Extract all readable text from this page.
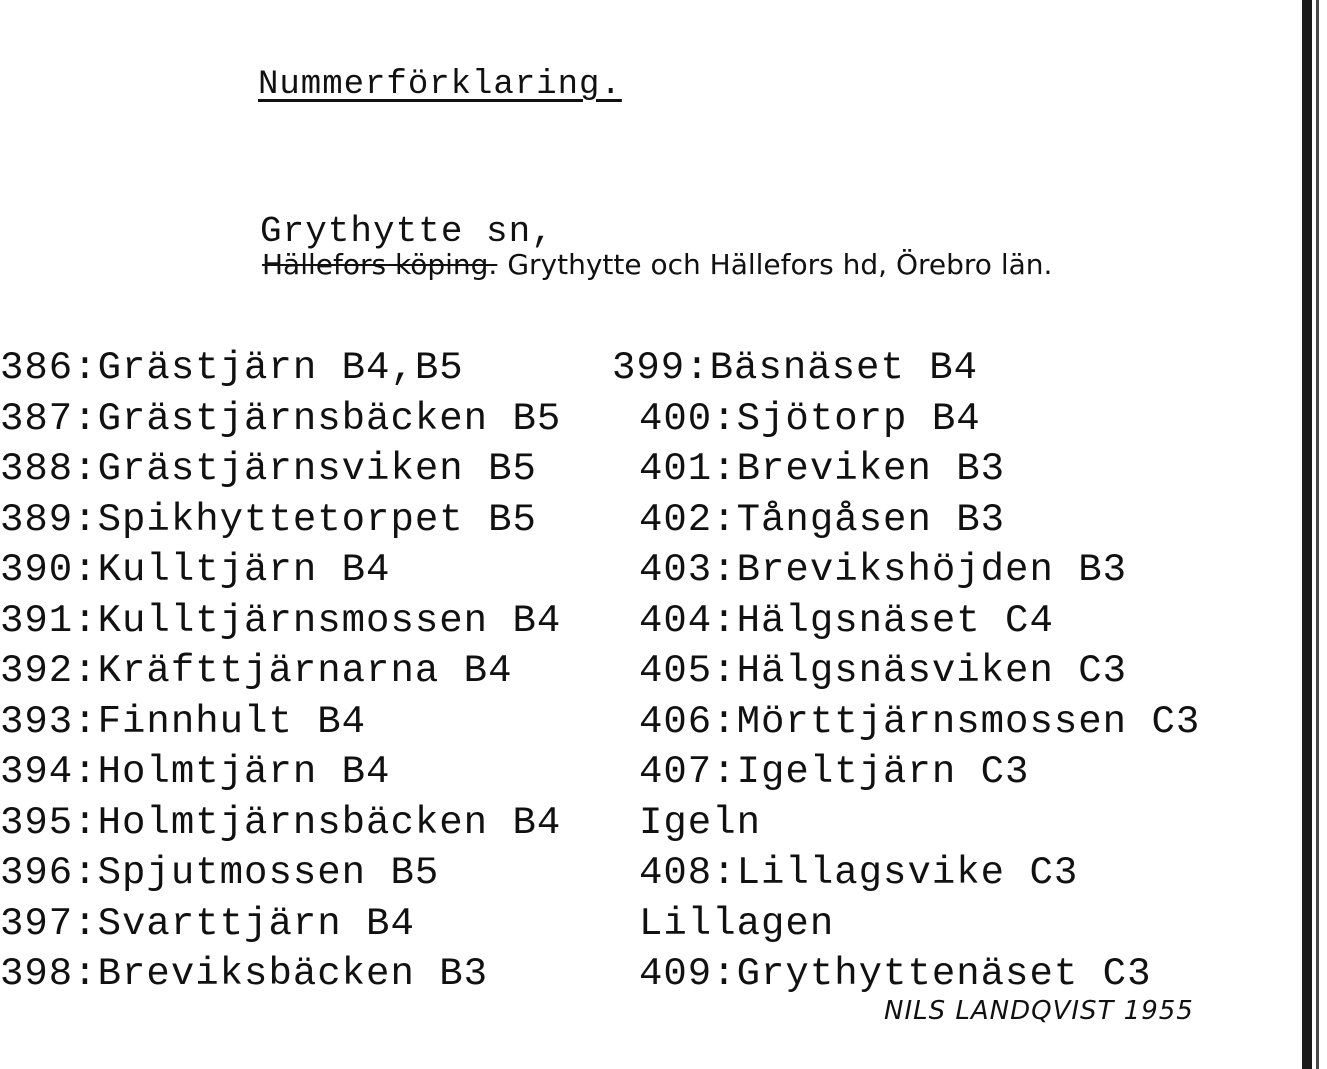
Nummerförklaring.
Grythytte sn,
Hällefors köping. Grythytte och Hällefors hd, Örebro län.
386:Grästjärn B4,B5
387:Grästjärnsbäcken B5
388:Grästjärnsviken B5
389:Spikhyttetorpet B5
390:Kulltjärn B4
391:Kulltjärnsmossen B4
392:Kräfttjärnarna B4
393:Finnhult B4
394:Holmtjärn B4
395:Holmtjärnsbäcken B4
396:Spjutmossen B5
397:Svarttjärn B4
398:Breviksbäcken B3
399:Bäsnäset B4
400:Sjötorp B4
401:Breviken B3
402:Tångåsen B3
403:Brevikshöjden B3
404:Hälgsnäset C4
405:Hälgsnäsviken C3
406:Mörttjärnsmossen C3
407:Igeltjärn C3
Igeln
408:Lillagsvike C3
Lillagen
409:Grythyttenäset C3
NILS LANDQVIST 1955
